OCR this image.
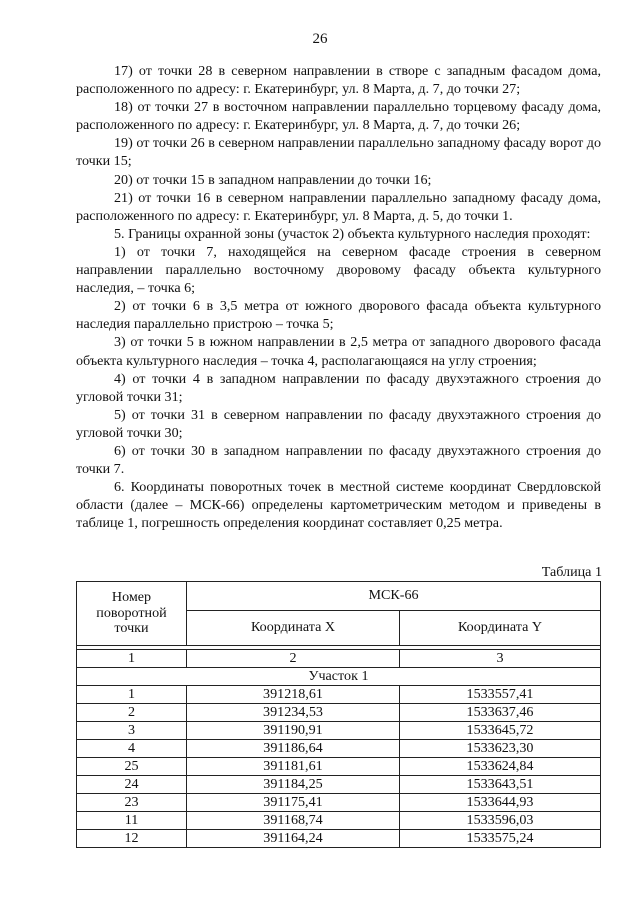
26

17) от точки 28 в северном направлении в створе с западным фасадом дома, расположенного по адресу: г. Екатеринбург, ул. 8 Марта, д. 7, до точки 27;

18) от точки 27 в восточном направлении параллельно торцевому фасаду дома, расположенного по адресу: г. Екатеринбург, ул. 8 Марта, д. 7, до точки 26;

19) от точки 26 в северном направлении параллельно западному фасаду ворот до точки 15;

20) от точки 15 в западном направлении до точки 16;

21) от точки 16 в северном направлении параллельно западному фасаду дома, расположенного по адресу: г. Екатеринбург, ул. 8 Марта, д. 5, до точки 1.

5. Границы охранной зоны (участок 2) объекта культурного наследия проходят:

1) от точки 7, находящейся на северном фасаде строения в северном направлении параллельно восточному дворовому фасаду объекта культурного наследия, – точка 6;

2) от точки 6 в 3,5 метра от южного дворового фасада объекта культурного наследия параллельно пристрою – точка 5;

3) от точки 5 в южном направлении в 2,5 метра от западного дворового фасада объекта культурного наследия – точка 4, располагающаяся на углу строения;

4) от точки 4 в западном направлении по фасаду двухэтажного строения до угловой точки 31;

5) от точки 31 в северном направлении по фасаду двухэтажного строения до угловой точки 30;

6) от точки 30 в западном направлении по фасаду двухэтажного строения до точки 7.

6. Координаты поворотных точек в местной системе координат Свердловской области (далее – МСК-66) определены картометрическим методом и приведены в таблице 1, погрешность определения координат составляет 0,25 метра.

Таблица 1
Номер поворотной точки	МСК-66	
	Координата X	Координата Y

1	2	3
Участок 1		
1	391218,61	1533557,41
2	391234,53	1533637,46
3	391190,91	1533645,72
4	391186,64	1533623,30
25	391181,61	1533624,84
24	391184,25	1533643,51
23	391175,41	1533644,93
11	391168,74	1533596,03
12	391164,24	1533575,24
